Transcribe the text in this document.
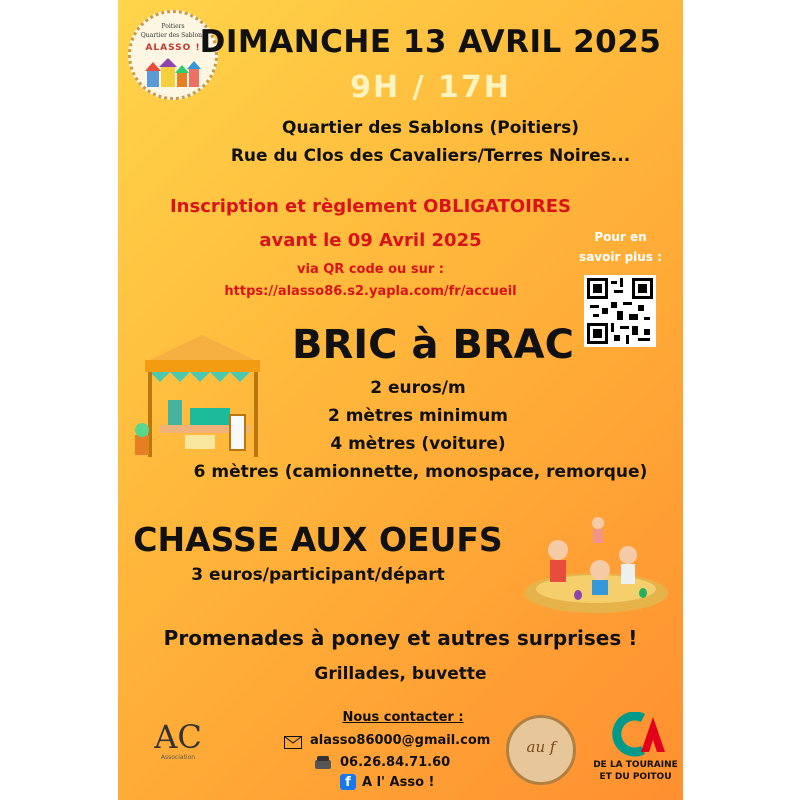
Poitiers
Quartier des Sablons
ALASSO ! DIMANCHE 13 AVRIL 2025
9H / 17H
Quartier des Sablons (Poitiers)
Rue du Clos des Cavaliers/Terres Noires...
Inscription et règlement OBLIGATOIRES
avant le 09 Avril 2025
via QR code ou sur :
https://alasso86.s2.yapla.com/fr/accueil
Pour en
savoir plus :
BRIC à BRAC
2 euros/m
2 mètres minimum
4 mètres (voiture)
6 mètres (camionnette, monospace, remorque)
CHASSE AUX OEUFS
3 euros/participant/départ
Promenades à poney et autres surprises !
Grillades, buvette
AC
Association
Nous contacter :
alasso86000@gmail.com
06.26.84.71.60
f A l' Asso !
au f
DE LA TOURAINE
ET DU POITOU
